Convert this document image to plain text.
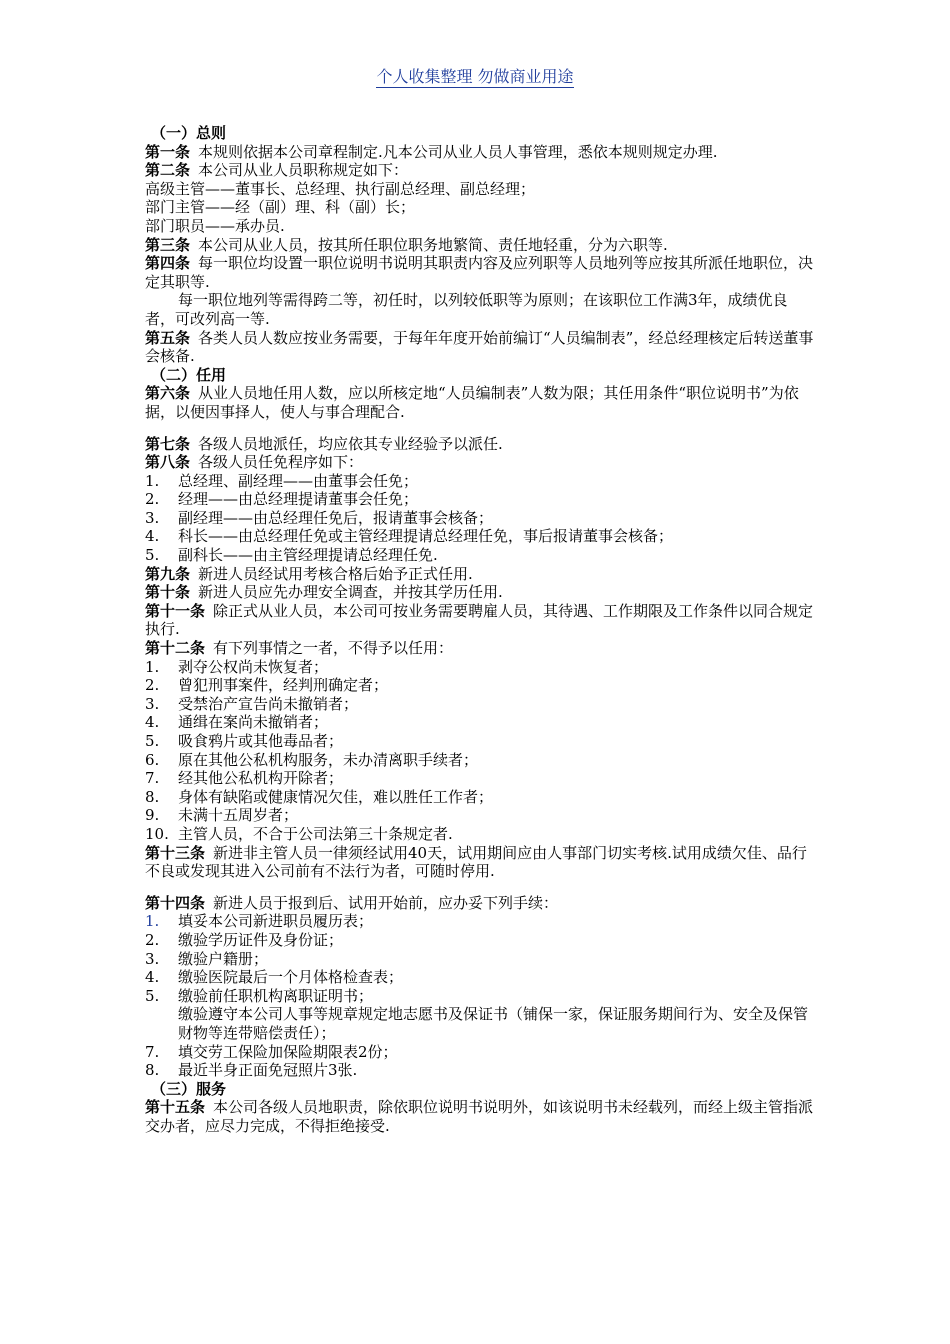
个人收集整理 勿做商业用途

（一）总则

第一条 本规则依据本公司章程制定.凡本公司从业人员人事管理，悉依本规则规定办理.

第二条 本公司从业人员职称规定如下：

高级主管——董事长、总经理、执行副总经理、副总经理；

部门主管——经（副）理、科（副）长；

部门职员——承办员.

第三条 本公司从业人员，按其所任职位职务地繁简、责任地轻重，分为六职等.

第四条 每一职位均设置一职位说明书说明其职责内容及应列职等人员地列等应按其所派任地职位，决定其职等.

每一职位地列等需得跨二等，初任时，以列较低职等为原则；在该职位工作满3年，成绩优良者，可改列高一等.

第五条 各类人员人数应按业务需要，于每年年度开始前编订“人员编制表”，经总经理核定后转送董事会核备.

（二）任用

第六条 从业人员地任用人数，应以所核定地“人员编制表”人数为限；其任用条件“职位说明书”为依据，以便因事择人，使人与事合理配合.

第七条 各级人员地派任，均应依其专业经验予以派任.

第八条 各级人员任免程序如下：

1.	总经理、副经理——由董事会任免；
2.	经理——由总经理提请董事会任免；
3.	副经理——由总经理任免后，报请董事会核备；
4.	科长——由总经理任免或主管经理提请总经理任免，事后报请董事会核备；
5.	副科长——由主管经理提请总经理任免.

第九条 新进人员经试用考核合格后始予正式任用.

第十条 新进人员应先办理安全调查，并按其学历任用.

第十一条 除正式从业人员，本公司可按业务需要聘雇人员，其待遇、工作期限及工作条件以同合规定执行.

第十二条 有下列事情之一者，不得予以任用：

1.	剥夺公权尚未恢复者；
2.	曾犯刑事案件，经判刑确定者；
3.	受禁治产宣告尚未撤销者；
4.	通缉在案尚未撤销者；
5.	吸食鸦片或其他毒品者；
6.	原在其他公私机构服务，未办清离职手续者；
7.	经其他公私机构开除者；
8.	身体有缺陷或健康情况欠佳，难以胜任工作者；
9.	未满十五周岁者；
10. 主管人员，不合于公司法第三十条规定者.

第十三条 新进非主管人员一律须经试用40天，试用期间应由人事部门切实考核.试用成绩欠佳、品行不良或发现其进入公司前有不法行为者，可随时停用.

第十四条 新进人员于报到后、试用开始前，应办妥下列手续：

1.	填妥本公司新进职员履历表；
2.	缴验学历证件及身份证；
3.	缴验户籍册；
4.	缴验医院最后一个月体格检查表；
5.	缴验前任职机构离职证明书；

缴验遵守本公司人事等规章规定地志愿书及保证书（铺保一家，保证服务期间行为、安全及保管财物等连带赔偿责任）；

7.	填交劳工保险加保险期限表2份；
8.	最近半身正面免冠照片3张.

（三）服务

第十五条 本公司各级人员地职责，除依职位说明书说明外，如该说明书未经载列，而经上级主管指派交办者，应尽力完成，不得拒绝接受.
